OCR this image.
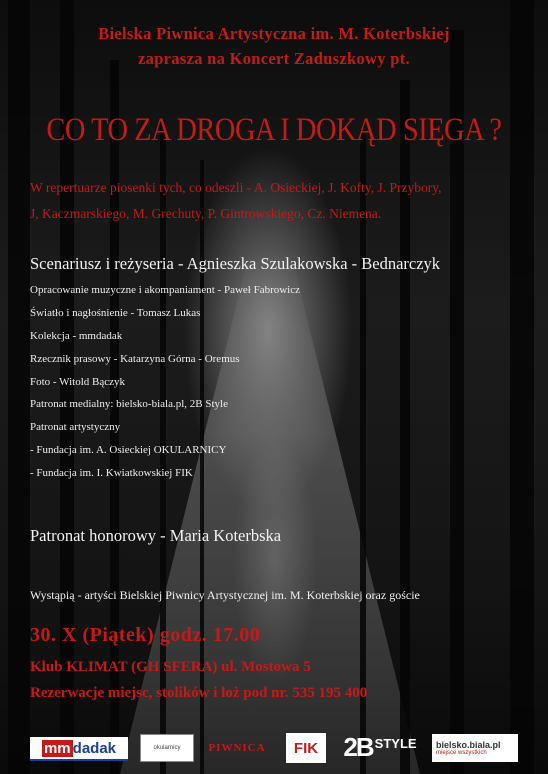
Bielska Piwnica Artystyczna im. M. Koterbskiej

zaprasza na Koncert Zaduszkowy pt.

CO TO ZA DROGA I DOKĄD SIĘGA ?

W repertuarze piosenki tych, co odeszli - A. Osieckiej, J. Kofty, J. Przybory,

J, Kaczmarskiego, M. Grechuty, P. Gintrowskiego, Cz. Niemena.

Scenariusz i reżyseria - Agnieszka Szulakowska - Bednarczyk

Opracowanie muzyczne i akompaniament - Paweł Fabrowicz

Światło i nagłośnienie - Tomasz Lukas

Kolekcja - mmdadak

Rzecznik prasowy - Katarzyna Górna - Oremus

Foto - Witold Bączyk

Patronat medialny: bielsko-biala.pl, 2B Style

Patronat artystyczny

- Fundacja im. A. Osieckiej OKULARNICY

- Fundacja im. I. Kwiatkowskiej FIK

Patronat honorowy - Maria Koterbska

Wystąpią - artyści Bielskiej Piwnicy Artystycznej im. M. Koterbskiej oraz goście

30. X (Piątek) godz. 17.00

Klub KLIMAT (GH SFERA) ul. Mostowa 5

Rezerwacje miejsc, stolików i loż pod nr. 535 195 400

mm dadak	okularnicy	PIWNICA FIK 2B STYLE bielsko.biala.pl
miejsce wszystkich
